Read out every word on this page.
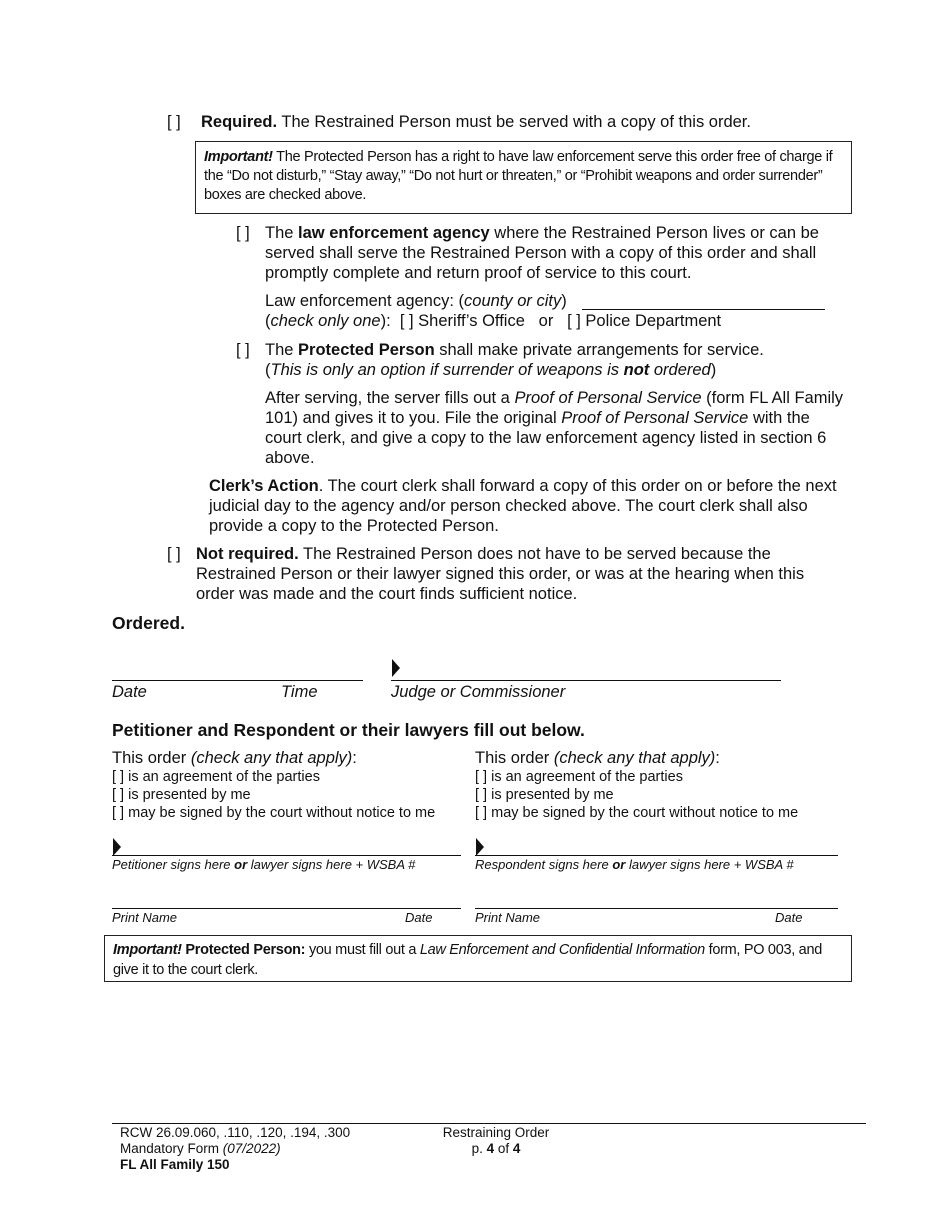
[ ] Required. The Restrained Person must be served with a copy of this order.
Important! The Protected Person has a right to have law enforcement serve this order free of charge if the “Do not disturb,” “Stay away,” “Do not hurt or threaten,” or “Prohibit weapons and order surrender” boxes are checked above.
[ ] The law enforcement agency where the Restrained Person lives or can be served shall serve the Restrained Person with a copy of this order and shall promptly complete and return proof of service to this court.
Law enforcement agency: (county or city)
(check only one): [ ] Sheriff’s Office or [ ] Police Department
[ ] The Protected Person shall make private arrangements for service.
(This is only an option if surrender of weapons is not ordered)
After serving, the server fills out a Proof of Personal Service (form FL All Family 101) and gives it to you. File the original Proof of Personal Service with the court clerk, and give a copy to the law enforcement agency listed in section 6 above.
Clerk’s Action. The court clerk shall forward a copy of this order on or before the next judicial day to the agency and/or person checked above. The court clerk shall also provide a copy to the Protected Person.
[ ] Not required. The Restrained Person does not have to be served because the Restrained Person or their lawyer signed this order, or was at the hearing when this order was made and the court finds sufficient notice.
Ordered.
Date	Time	Judge or Commissioner
Petitioner and Respondent or their lawyers fill out below.
This order (check any that apply):
[ ] is an agreement of the parties
[ ] is presented by me
[ ] may be signed by the court without notice to me
Petitioner signs here or lawyer signs here + WSBA #
Print Name	Date
This order (check any that apply):
[ ] is an agreement of the parties
[ ] is presented by me
[ ] may be signed by the court without notice to me
Respondent signs here or lawyer signs here + WSBA #
Print Name	Date
Important! Protected Person: you must fill out a Law Enforcement and Confidential Information form, PO 003, and give it to the court clerk.
RCW 26.09.060, .110, .120, .194, .300
Mandatory Form (07/2022)
FL All Family 150
Restraining Order
p. 4 of 4
